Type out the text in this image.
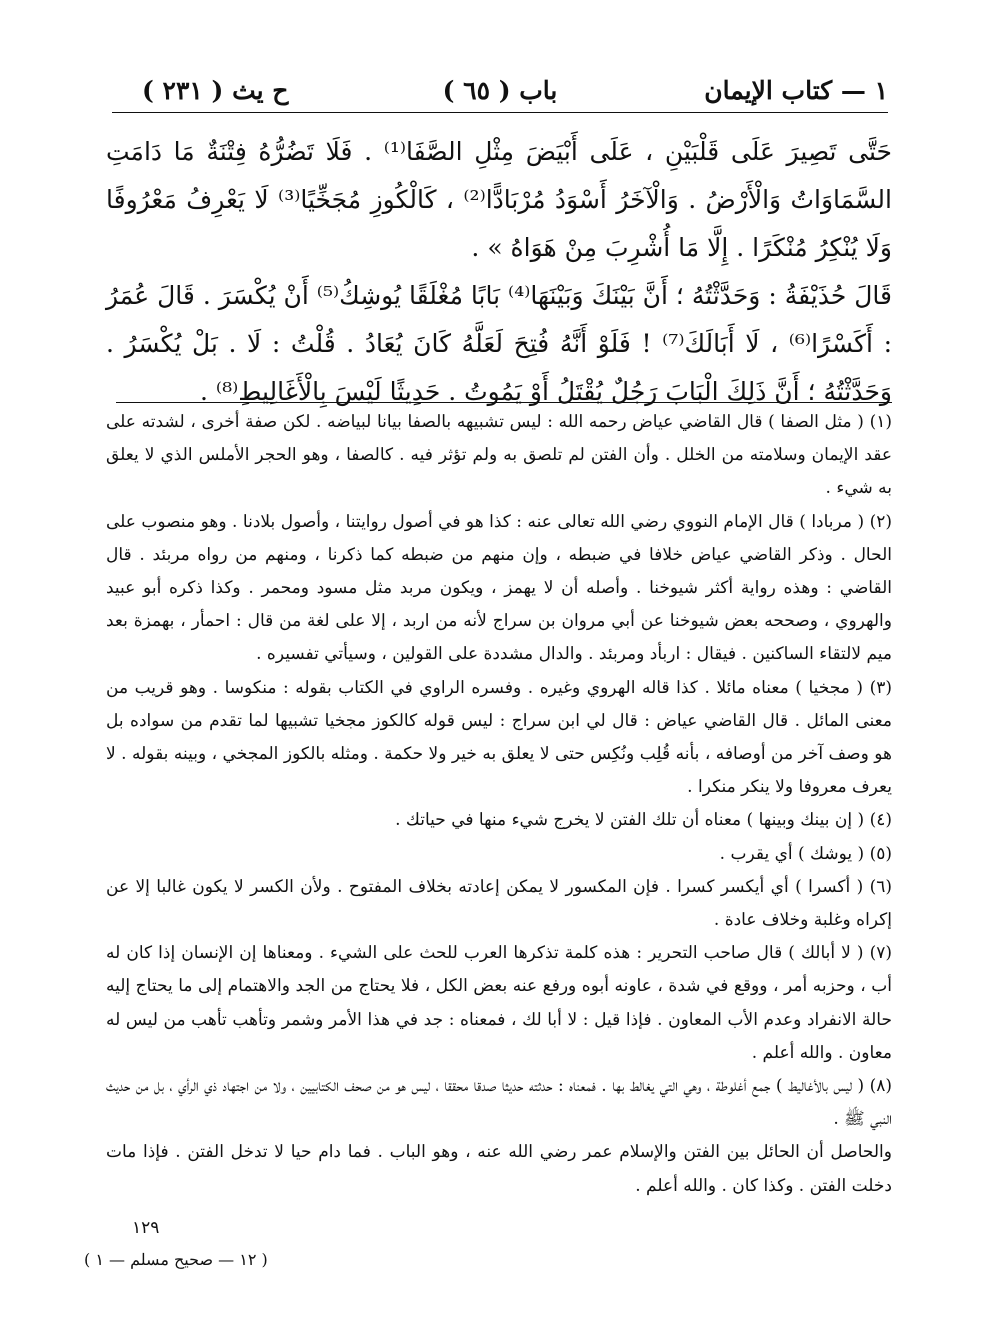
( ٢٣١ ) ح يث	( ٦٥ ) باب	١ — كتاب الإيمان

حَتَّى تَصِيرَ عَلَى قَلْبَيْنِ ، عَلَى أَبْيَضَ مِثْلِ الصَّفَا⁽¹⁾ . فَلَا تَضُرُّهُ فِتْنَةٌ مَا دَامَتِ السَّمَاوَاتُ وَالْأَرْضُ . وَالْآخَرُ أَسْوَدُ مُرْبَادًّا⁽²⁾ ، كَالْكُوزِ مُجَخِّيًا⁽³⁾ لَا يَعْرِفُ مَعْرُوفًا وَلَا يُنْكِرُ مُنْكَرًا . إِلَّا مَا أُشْرِبَ مِنْ هَوَاهُ » .

قَالَ حُذَيْفَةُ : وَحَدَّثْتُهُ ؛ أَنَّ بَيْنَكَ وَبَيْنَهَا⁽⁴⁾ بَابًا مُغْلَقًا يُوشِكُ⁽⁵⁾ أَنْ يُكْسَرَ . قَالَ عُمَرُ : أَكَسْرًا⁽⁶⁾ ، لَا أَبَالَكَ⁽⁷⁾ ! فَلَوْ أَنَّهُ فُتِحَ لَعَلَّهُ كَانَ يُعَادُ . قُلْتُ : لَا . بَلْ يُكْسَرُ . وَحَدَّثْتُهُ ؛ أَنَّ ذَلِكَ الْبَابَ رَجُلٌ يُقْتَلُ أَوْ يَمُوتُ . حَدِيثًا لَيْسَ بِالْأَغَالِيطِ⁽⁸⁾ .

(١) ( مثل الصفا ) قال القاضي عياض رحمه الله : ليس تشبيهه بالصفا بيانا لبياضه . لكن صفة أخرى ، لشدته على عقد الإيمان وسلامته من الخلل . وأن الفتن لم تلصق به ولم تؤثر فيه . كالصفا ، وهو الحجر الأملس الذي لا يعلق به شيء .

(٢) ( مربادا ) قال الإمام النووي رضي الله تعالى عنه : كذا هو في أصول روايتنا ، وأصول بلادنا . وهو منصوب على الحال . وذكر القاضي عياض خلافا في ضبطه ، وإن منهم من ضبطه كما ذكرنا ، ومنهم من رواه مربئد . قال القاضي : وهذه رواية أكثر شيوخنا . وأصله أن لا يهمز ، ويكون مربد مثل مسود ومحمر . وكذا ذكره أبو عبيد والهروي ، وصححه بعض شيوخنا عن أبي مروان بن سراج لأنه من اربد ، إلا على لغة من قال : احمأر ، بهمزة بعد ميم لالتقاء الساكنين . فيقال : اربأد ومربئد . والدال مشددة على القولين ، وسيأتي تفسيره .

(٣) ( مجخيا ) معناه مائلا . كذا قاله الهروي وغيره . وفسره الراوي في الكتاب بقوله : منكوسا . وهو قريب من معنى المائل . قال القاضي عياض : قال لي ابن سراج : ليس قوله كالكوز مجخيا تشبيها لما تقدم من سواده بل هو وصف آخر من أوصافه ، بأنه قُلِب ونُكِس حتى لا يعلق به خير ولا حكمة . ومثله بالكوز المجخي ، وبينه بقوله . لا يعرف معروفا ولا ينكر منكرا .

(٤) ( إن بينك وبينها ) معناه أن تلك الفتن لا يخرج شيء منها في حياتك .

(٥) ( يوشك ) أي يقرب .

(٦) ( أكسرا ) أي أيكسر كسرا . فإن المكسور لا يمكن إعادته بخلاف المفتوح . ولأن الكسر لا يكون غالبا إلا عن إكراه وغلبة وخلاف عادة .

(٧) ( لا أبالك ) قال صاحب التحرير : هذه كلمة تذكرها العرب للحث على الشيء . ومعناها إن الإنسان إذا كان له أب ، وحزبه أمر ، ووقع في شدة ، عاونه أبوه ورفع عنه بعض الكل ، فلا يحتاج من الجد والاهتمام إلى ما يحتاج إليه حالة الانفراد وعدم الأب المعاون . فإذا قيل : لا أبا لك ، فمعناه : جد في هذا الأمر وشمر وتأهب تأهب من ليس له معاون . والله أعلم .

(٨) ( ليس بالأغاليط ) جمع أغلوطة ، وهي التي يغالط بها . فمعناه : حدثته حديثا صدقا محققا ، ليس هو من صحف الكتابيين ، ولا من اجتهاد ذي الرأي ، بل من حديث النبي ﷺ .

والحاصل أن الحائل بين الفتن والإسلام عمر رضي الله عنه ، وهو الباب . فما دام حيا لا تدخل الفتن . فإذا مات دخلت الفتن . وكذا كان . والله أعلم .

١٢٩
( ١٢ — صحيح مسلم — ١ )
